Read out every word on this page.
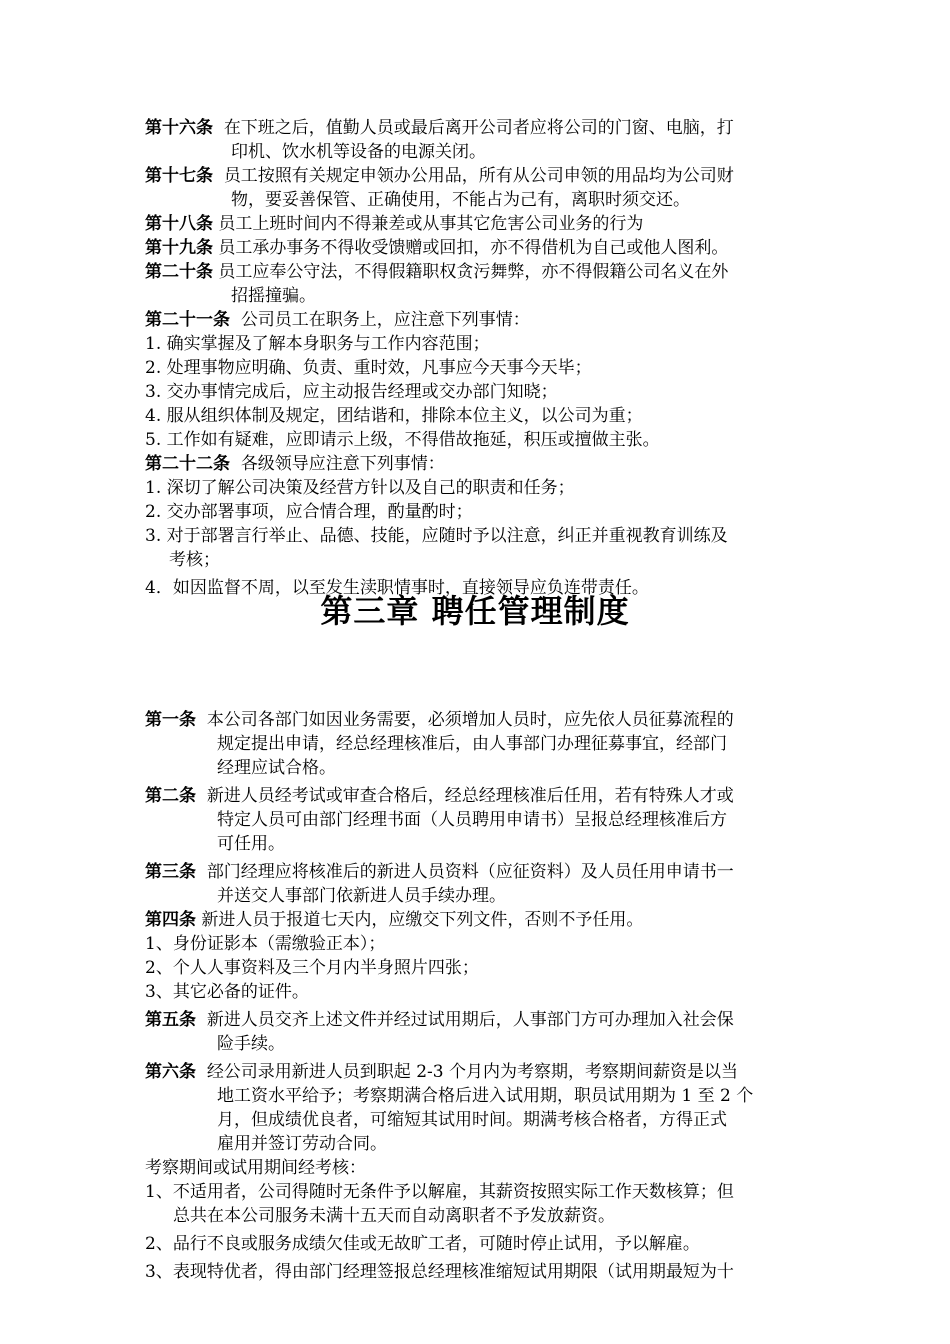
第十六条 在下班之后，值勤人员或最后离开公司者应将公司的门窗、电脑，打
印机、饮水机等设备的电源关闭。

第十七条 员工按照有关规定申领办公用品，所有从公司申领的用品均为公司财
物，要妥善保管、正确使用，不能占为己有，离职时须交还。

第十八条 员工上班时间内不得兼差或从事其它危害公司业务的行为

第十九条 员工承办事务不得收受馈赠或回扣，亦不得借机为自己或他人图利。

第二十条 员工应奉公守法，不得假籍职权贪污舞弊，亦不得假籍公司名义在外
招摇撞骗。

第二十一条 公司员工在职务上，应注意下列事情：

1. 确实掌握及了解本身职务与工作内容范围；

2. 处理事物应明确、负责、重时效，凡事应今天事今天毕；

3. 交办事情完成后，应主动报告经理或交办部门知晓；

4. 服从组织体制及规定，团结谐和，排除本位主义，以公司为重；

5. 工作如有疑难，应即请示上级，不得借故拖延，积压或擅做主张。

第二十二条 各级领导应注意下列事情：

1. 深切了解公司决策及经营方针以及自己的职责和任务；

2. 交办部署事项，应合情合理，酌量酌时；

3. 对于部署言行举止、品德、技能，应随时予以注意，纠正并重视教育训练及
考核；

4．如因监督不周，以至发生渎职情事时，直接领导应负连带责任。

第三章 聘任管理制度

第一条 本公司各部门如因业务需要，必须增加人员时，应先依人员征募流程的
规定提出申请，经总经理核准后，由人事部门办理征募事宜，经部门
经理应试合格。

第二条 新进人员经考试或审查合格后，经总经理核准后任用，若有特殊人才或
特定人员可由部门经理书面（人员聘用申请书）呈报总经理核准后方
可任用。

第三条 部门经理应将核准后的新进人员资料（应征资料）及人员任用申请书一
并送交人事部门依新进人员手续办理。

第四条 新进人员于报道七天内，应缴交下列文件，否则不予任用。

1、身份证影本（需缴验正本）；

2、个人人事资料及三个月内半身照片四张；

3、其它必备的证件。

第五条 新进人员交齐上述文件并经过试用期后，人事部门方可办理加入社会保
险手续。

第六条 经公司录用新进人员到职起 2-3 个月内为考察期，考察期间薪资是以当
地工资水平给予；考察期满合格后进入试用期，职员试用期为 1 至 2 个
月，但成绩优良者，可缩短其试用时间。期满考核合格者，方得正式
雇用并签订劳动合同。

考察期间或试用期间经考核：

1、不适用者，公司得随时无条件予以解雇，其薪资按照实际工作天数核算；但
总共在本公司服务未满十五天而自动离职者不予发放薪资。

2、品行不良或服务成绩欠佳或无故旷工者，可随时停止试用，予以解雇。

3、表现特优者，得由部门经理签报总经理核准缩短试用期限（试用期最短为十
